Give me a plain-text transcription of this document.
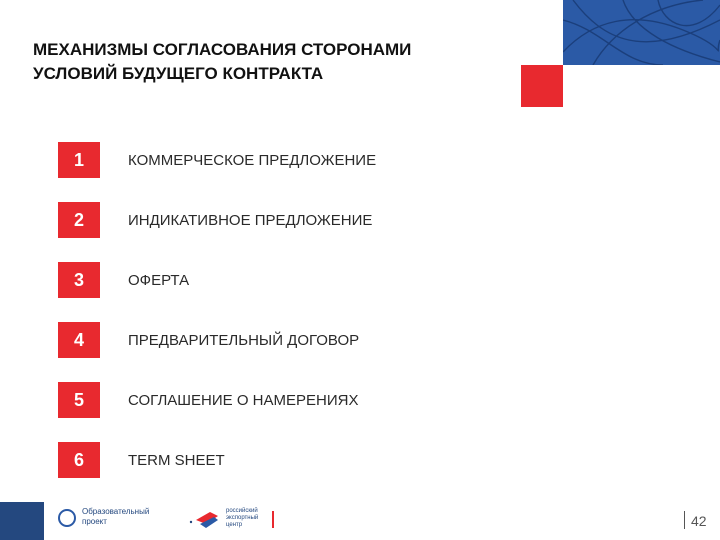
МЕХАНИЗМЫ СОГЛАСОВАНИЯ СТОРОНАМИ
УСЛОВИЙ БУДУЩЕГО КОНТРАКТА
1	КОММЕРЧЕСКОЕ ПРЕДЛОЖЕНИЕ
2	ИНДИКАТИВНОЕ ПРЕДЛОЖЕНИЕ
3	ОФЕРТА
4	ПРЕДВАРИТЕЛЬНЫЙ ДОГОВОР
5	СОГЛАШЕНИЕ О НАМЕРЕНИЯХ
6	TERM SHEET
Образовательный
проект
российский
экспортный
центр	42
